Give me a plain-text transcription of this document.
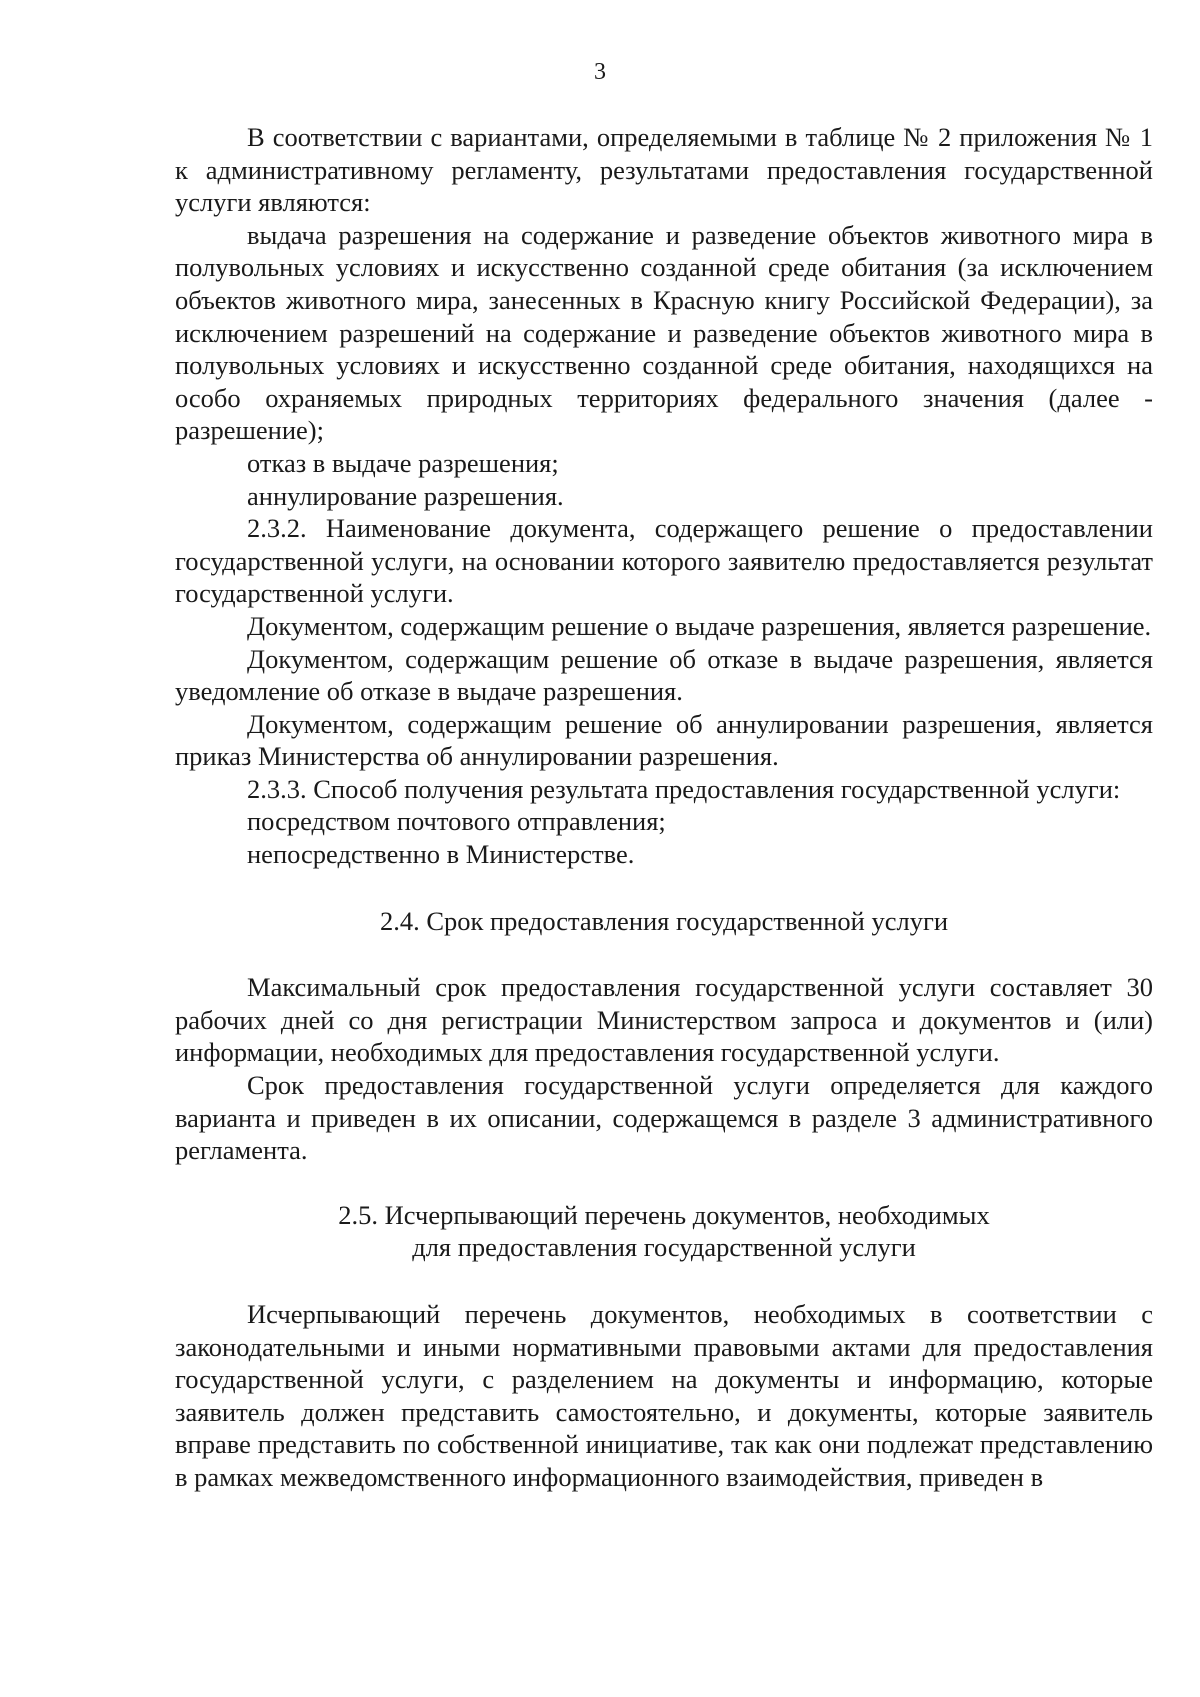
3

В соответствии с вариантами, определяемыми в таблице № 2 приложения № 1 к административному регламенту, результатами предоставления государственной услуги являются:

выдача разрешения на содержание и разведение объектов животного мира в полувольных условиях и искусственно созданной среде обитания (за исключением объектов животного мира, занесенных в Красную книгу Российской Федерации), за исключением разрешений на содержание и разведение объектов животного мира в полувольных условиях и искусственно созданной среде обитания, находящихся на особо охраняемых природных территориях федерального значения (далее - разрешение);

отказ в выдаче разрешения;

аннулирование разрешения.

2.3.2. Наименование документа, содержащего решение о предоставлении государственной услуги, на основании которого заявителю предоставляется результат государственной услуги.

Документом, содержащим решение о выдаче разрешения, является разрешение.

Документом, содержащим решение об отказе в выдаче разрешения, является уведомление об отказе в выдаче разрешения.

Документом, содержащим решение об аннулировании разрешения, является приказ Министерства об аннулировании разрешения.

2.3.3. Способ получения результата предоставления государственной услуги:

посредством почтового отправления;

непосредственно в Министерстве.

2.4. Срок предоставления государственной услуги

Максимальный срок предоставления государственной услуги составляет 30 рабочих дней со дня регистрации Министерством запроса и документов и (или) информации, необходимых для предоставления государственной услуги.

Срок предоставления государственной услуги определяется для каждого варианта и приведен в их описании, содержащемся в разделе 3 административного регламента.

2.5. Исчерпывающий перечень документов, необходимых

для предоставления государственной услуги

Исчерпывающий перечень документов, необходимых в соответствии с законодательными и иными нормативными правовыми актами для предоставления государственной услуги, с разделением на документы и информацию, которые заявитель должен представить самостоятельно, и документы, которые заявитель вправе представить по собственной инициативе, так как они подлежат представлению в рамках межведомственного информационного взаимодействия, приведен в
